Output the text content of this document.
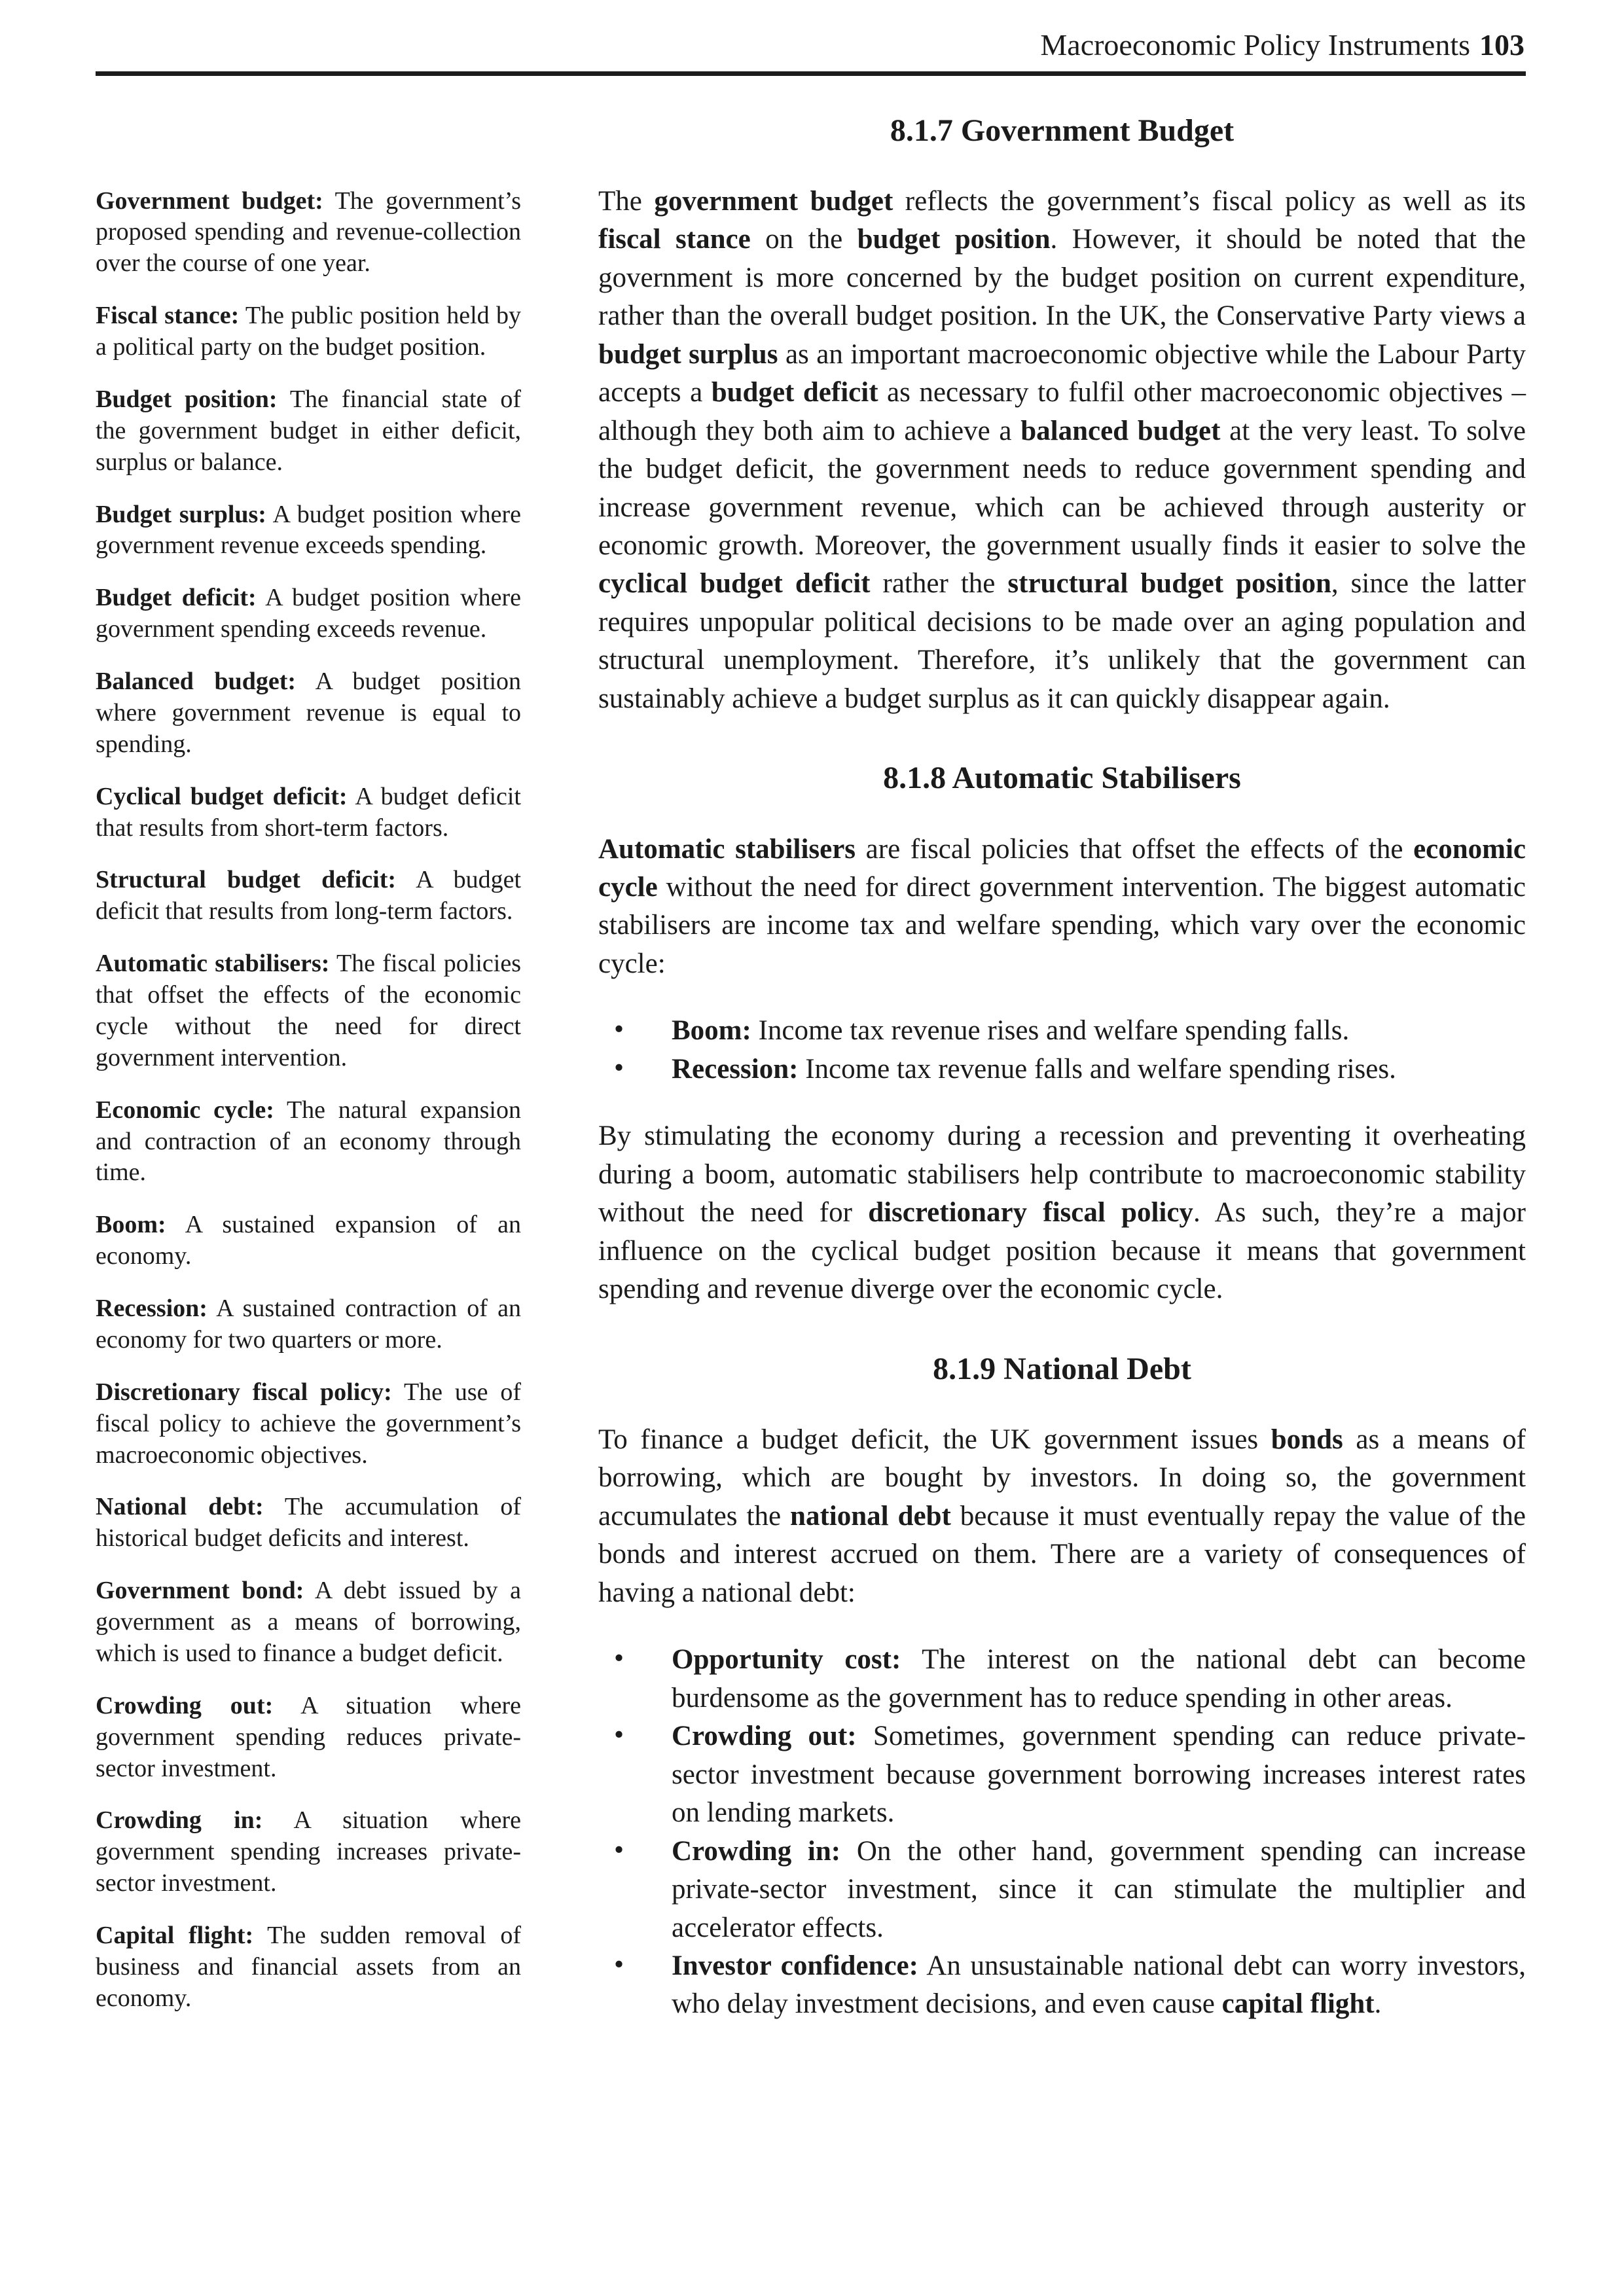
Macroeconomic Policy Instruments 103

Government budget: The government’s proposed spending and revenue-collection over the course of one year.

Fiscal stance: The public position held by a political party on the budget position.

Budget position: The financial state of the government budget in either deficit, surplus or balance.

Budget surplus: A budget position where government revenue exceeds spending.

Budget deficit: A budget position where government spending exceeds revenue.

Balanced budget: A budget position where government revenue is equal to spending.

Cyclical budget deficit: A budget deficit that results from short-term factors.

Structural budget deficit: A budget deficit that results from long-term factors.

Automatic stabilisers: The fiscal policies that offset the effects of the economic cycle without the need for direct government intervention.

Economic cycle: The natural expansion and contraction of an economy through time.

Boom: A sustained expansion of an economy.

Recession: A sustained contraction of an economy for two quarters or more.

Discretionary fiscal policy: The use of fiscal policy to achieve the government’s macroeconomic objectives.

National debt: The accumulation of historical budget deficits and interest.

Government bond: A debt issued by a government as a means of borrowing, which is used to finance a budget deficit.

Crowding out: A situation where government spending reduces private-sector investment.

Crowding in: A situation where government spending increases private-sector investment.

Capital flight: The sudden removal of business and financial assets from an economy.

8.1.7 Government Budget

The government budget reflects the government’s fiscal policy as well as its fiscal stance on the budget position. However, it should be noted that the government is more concerned by the budget position on current expenditure, rather than the overall budget position. In the UK, the Conservative Party views a budget surplus as an important macroeconomic objective while the Labour Party accepts a budget deficit as necessary to fulfil other macroeconomic objectives – although they both aim to achieve a balanced budget at the very least. To solve the budget deficit, the government needs to reduce government spending and increase government revenue, which can be achieved through austerity or economic growth. Moreover, the government usually finds it easier to solve the cyclical budget deficit rather the structural budget position, since the latter requires unpopular political decisions to be made over an aging population and structural unemployment. Therefore, it’s unlikely that the government can sustainably achieve a budget surplus as it can quickly disappear again.

8.1.8 Automatic Stabilisers

Automatic stabilisers are fiscal policies that offset the effects of the economic cycle without the need for direct government intervention. The biggest automatic stabilisers are income tax and welfare spending, which vary over the economic cycle:

• Boom: Income tax revenue rises and welfare spending falls.
• Recession: Income tax revenue falls and welfare spending rises.

By stimulating the economy during a recession and preventing it overheating during a boom, automatic stabilisers help contribute to macroeconomic stability without the need for discretionary fiscal policy. As such, they’re a major influence on the cyclical budget position because it means that government spending and revenue diverge over the economic cycle.

8.1.9 National Debt

To finance a budget deficit, the UK government issues bonds as a means of borrowing, which are bought by investors. In doing so, the government accumulates the national debt because it must eventually repay the value of the bonds and interest accrued on them. There are a variety of consequences of having a national debt:

• Opportunity cost: The interest on the national debt can become burdensome as the government has to reduce spending in other areas.
• Crowding out: Sometimes, government spending can reduce private-sector investment because government borrowing increases interest rates on lending markets.
• Crowding in: On the other hand, government spending can increase private-sector investment, since it can stimulate the multiplier and accelerator effects.
• Investor confidence: An unsustainable national debt can worry investors, who delay investment decisions, and even cause capital flight.
